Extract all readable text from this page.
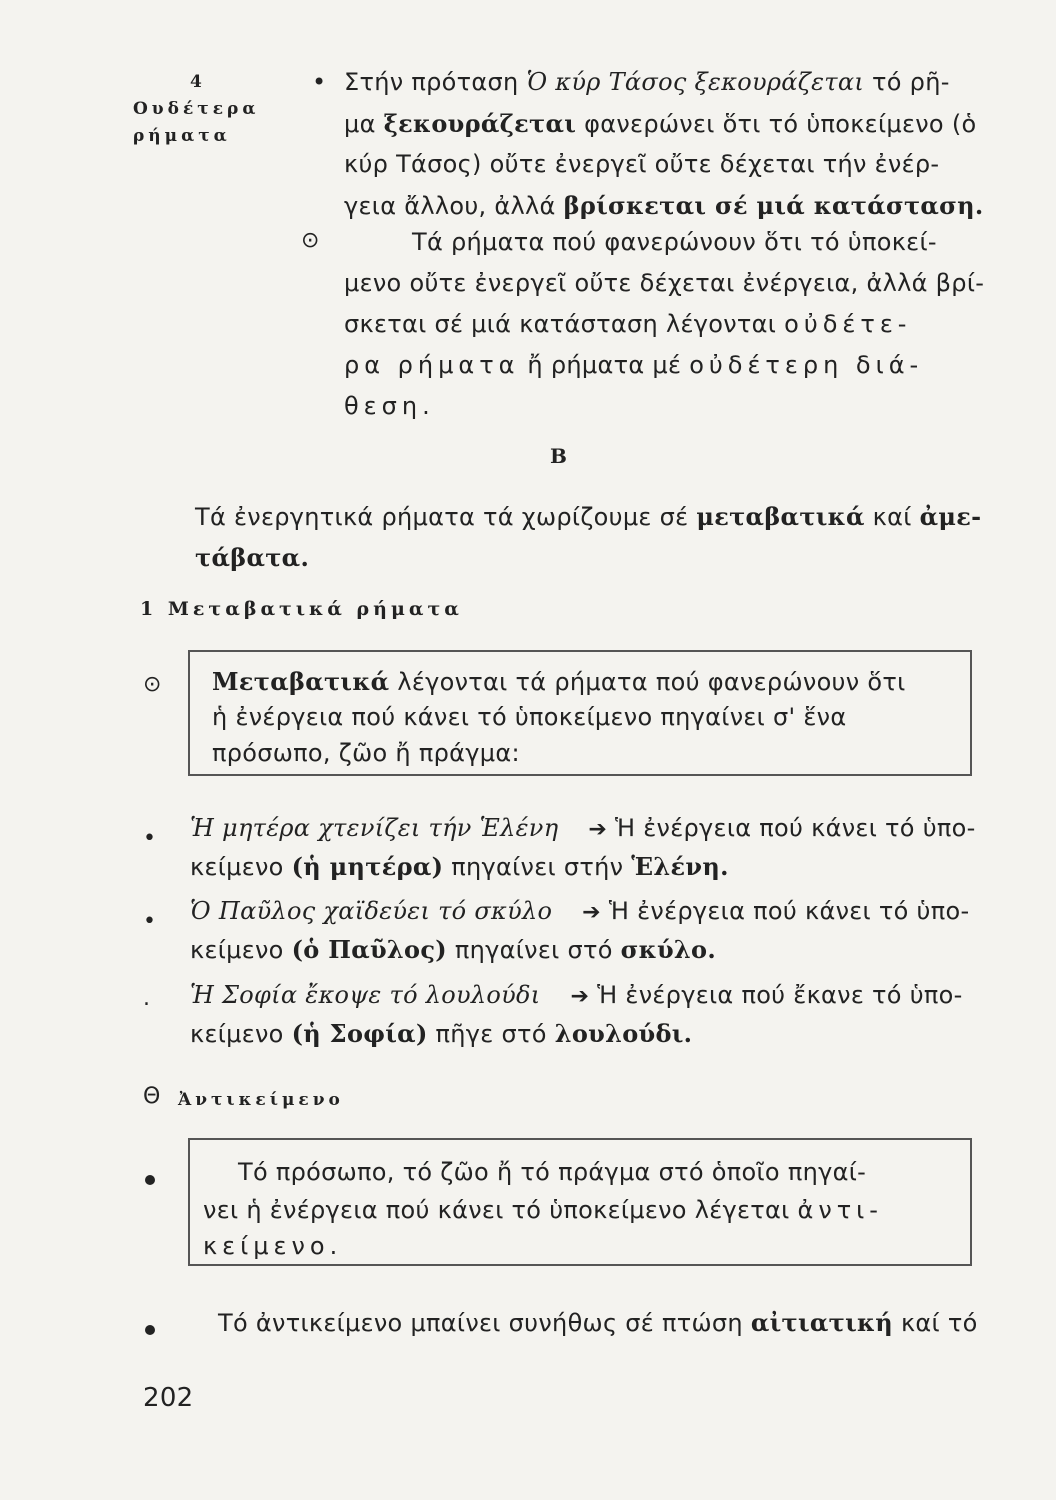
4
Ουδέτερα
ρήματα
• Στήν πρόταση Ὁ κύρ Τάσος ξεκουράζεται τό ρῆ-
μα ξεκουράζεται φανερώνει ὅτι τό ὑποκείμενο (ὁ
κύρ Τάσος) οὔτε ἐνεργεῖ οὔτε δέχεται τήν ἐνέρ-
γεια ἄλλου, ἀλλά βρίσκεται σέ μιά κατάσταση.
⊙	Τά ρήματα πού φανερώνουν ὅτι τό ὑποκεί-
μενο οὔτε ἐνεργεῖ οὔτε δέχεται ἐνέργεια, ἀλλά βρί-
σκεται σέ μιά κατάσταση λέγονται οὐδέτε-
ρα ρήματα ἤ ρήματα μέ οὐδέτερη διά-
θεση.
Β
Τά ἐνεργητικά ρήματα τά χωρίζουμε σέ μεταβατικά καί ἀμε-
τάβατα.
1 Μεταβατικά ρήματα
⊙ Μεταβατικά λέγονται τά ρήματα πού φανερώνουν ὅτι
ἡ ἐνέργεια πού κάνει τό ὑποκείμενο πηγαίνει σ' ἕνα
πρόσωπο, ζῶο ἤ πράγμα:
• Ἡ μητέρα χτενίζει τήν Ἑλένη ➔ Ἡ ἐνέργεια πού κάνει τό ὑπο-
κείμενο (ἡ μητέρα) πηγαίνει στήν Ἑλένη.
• Ὁ Παῦλος χαϊδεύει τό σκύλο ➔ Ἡ ἐνέργεια πού κάνει τό ὑπο-
κείμενο (ὁ Παῦλος) πηγαίνει στό σκύλο.
. Ἡ Σοφία ἔκοψε τό λουλούδι ➔ Ἡ ἐνέργεια πού ἔκανε τό ὑπο-
κείμενο (ἡ Σοφία) πῆγε στό λουλούδι.
Θ Ἀντικείμενο
Τό πρόσωπο, τό ζῶο ἤ τό πράγμα στό ὁποῖο πηγαί-
νει ἡ ἐνέργεια πού κάνει τό ὑποκείμενο λέγεται ἀντι-
κείμενο.
Τό ἀντικείμενο μπαίνει συνήθως σέ πτώση αἰτιατική καί τό
202
